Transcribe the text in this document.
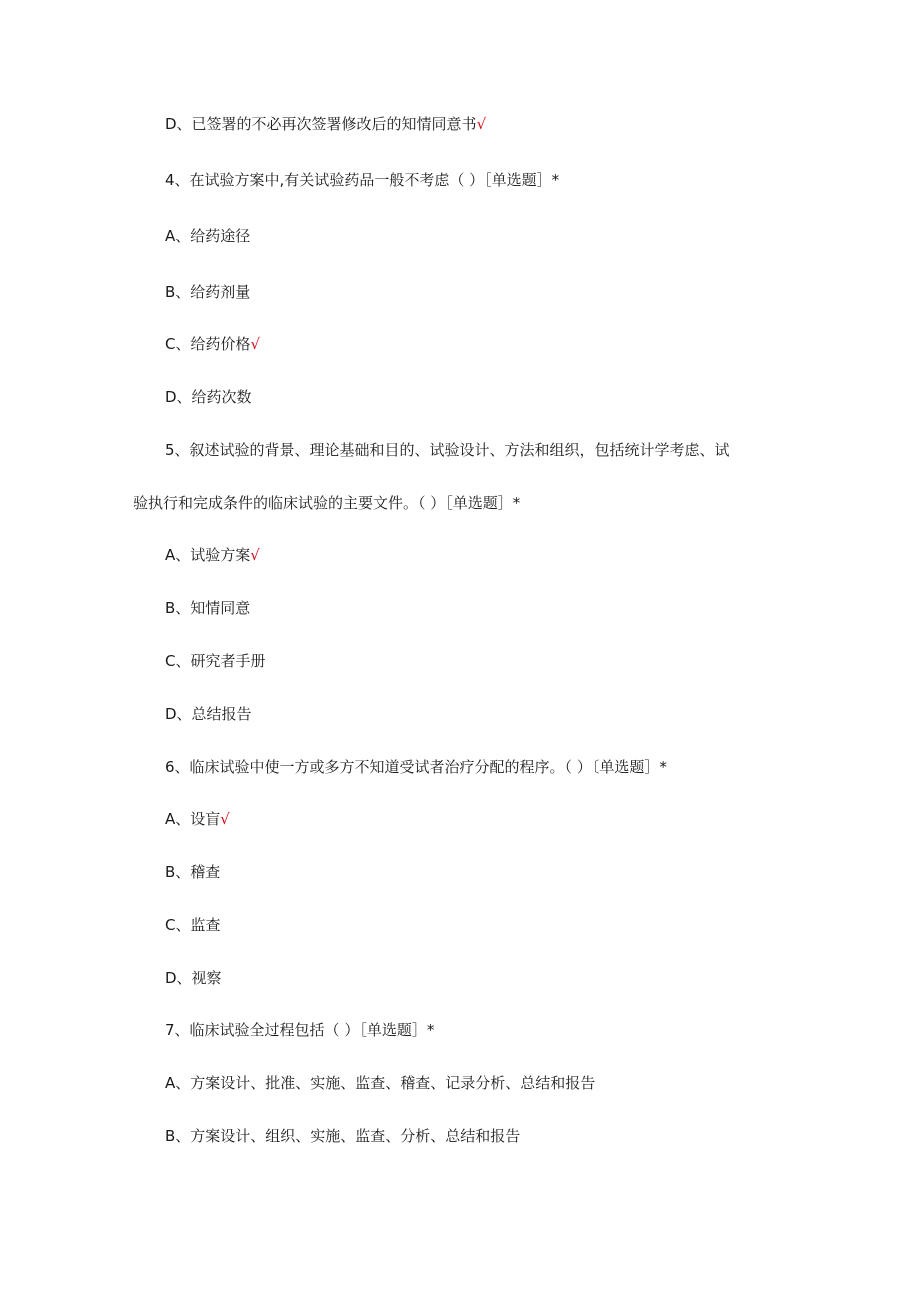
D、已签署的不必再次签署修改后的知情同意书√
4、在试验方案中,有关试验药品一般不考虑（ ）［单选题］*
A、给药途径
B、给药剂量
C、给药价格√
D、给药次数
5、叙述试验的背景、理论基础和目的、试验设计、方法和组织，包括统计学考虑、试
验执行和完成条件的临床试验的主要文件。（ ）［单选题］*
A、试验方案√
B、知情同意
C、研究者手册
D、总结报告
6、临床试验中使一方或多方不知道受试者治疗分配的程序。（ ）〔单选题］*
A、设盲√
B、稽查
C、监查
D、视察
7、临床试验全过程包括（ ）［单选题］*
A、方案设计、批准、实施、监查、稽查、记录分析、总结和报告
B、方案设计、组织、实施、监查、分析、总结和报告
